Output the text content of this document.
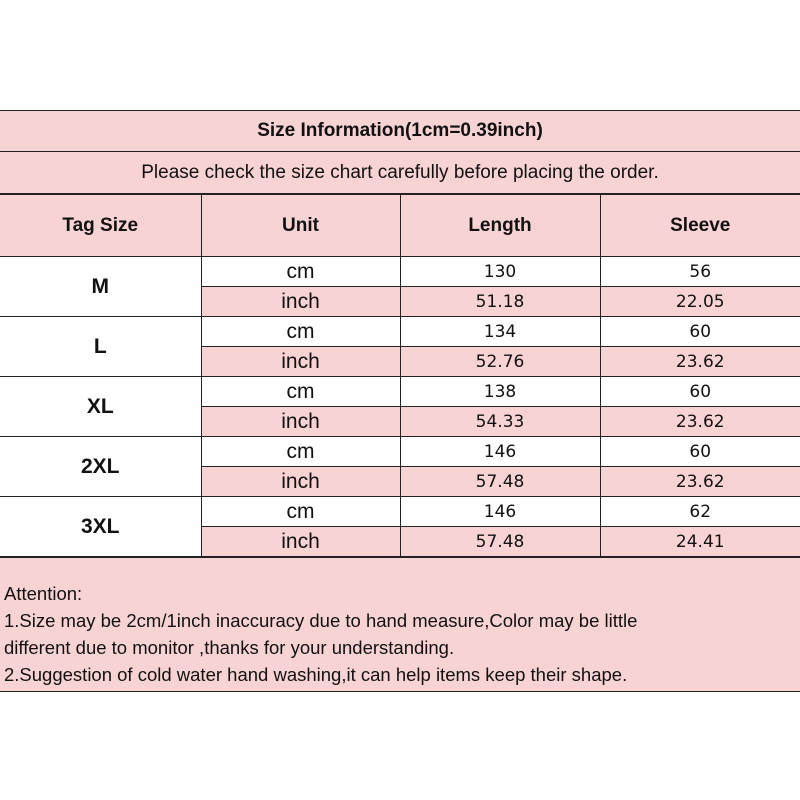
Size Information(1cm=0.39inch)
Please check the size chart carefully before placing the order.
Tag Size	Unit	Length	Sleeve
M	cm	130	56
	inch	51.18	22.05
L	cm	134	60
	inch	52.76	23.62
XL	cm	138	60
	inch	54.33	23.62
2XL	cm	146	60
	inch	57.48	23.62
3XL	cm	146	62
	inch	57.48	24.41
Attention:
1.Size may be 2cm/1inch inaccuracy due to hand measure,Color may be little
different due to monitor ,thanks for your understanding.
2.Suggestion of cold water hand washing,it can help items keep their shape.
